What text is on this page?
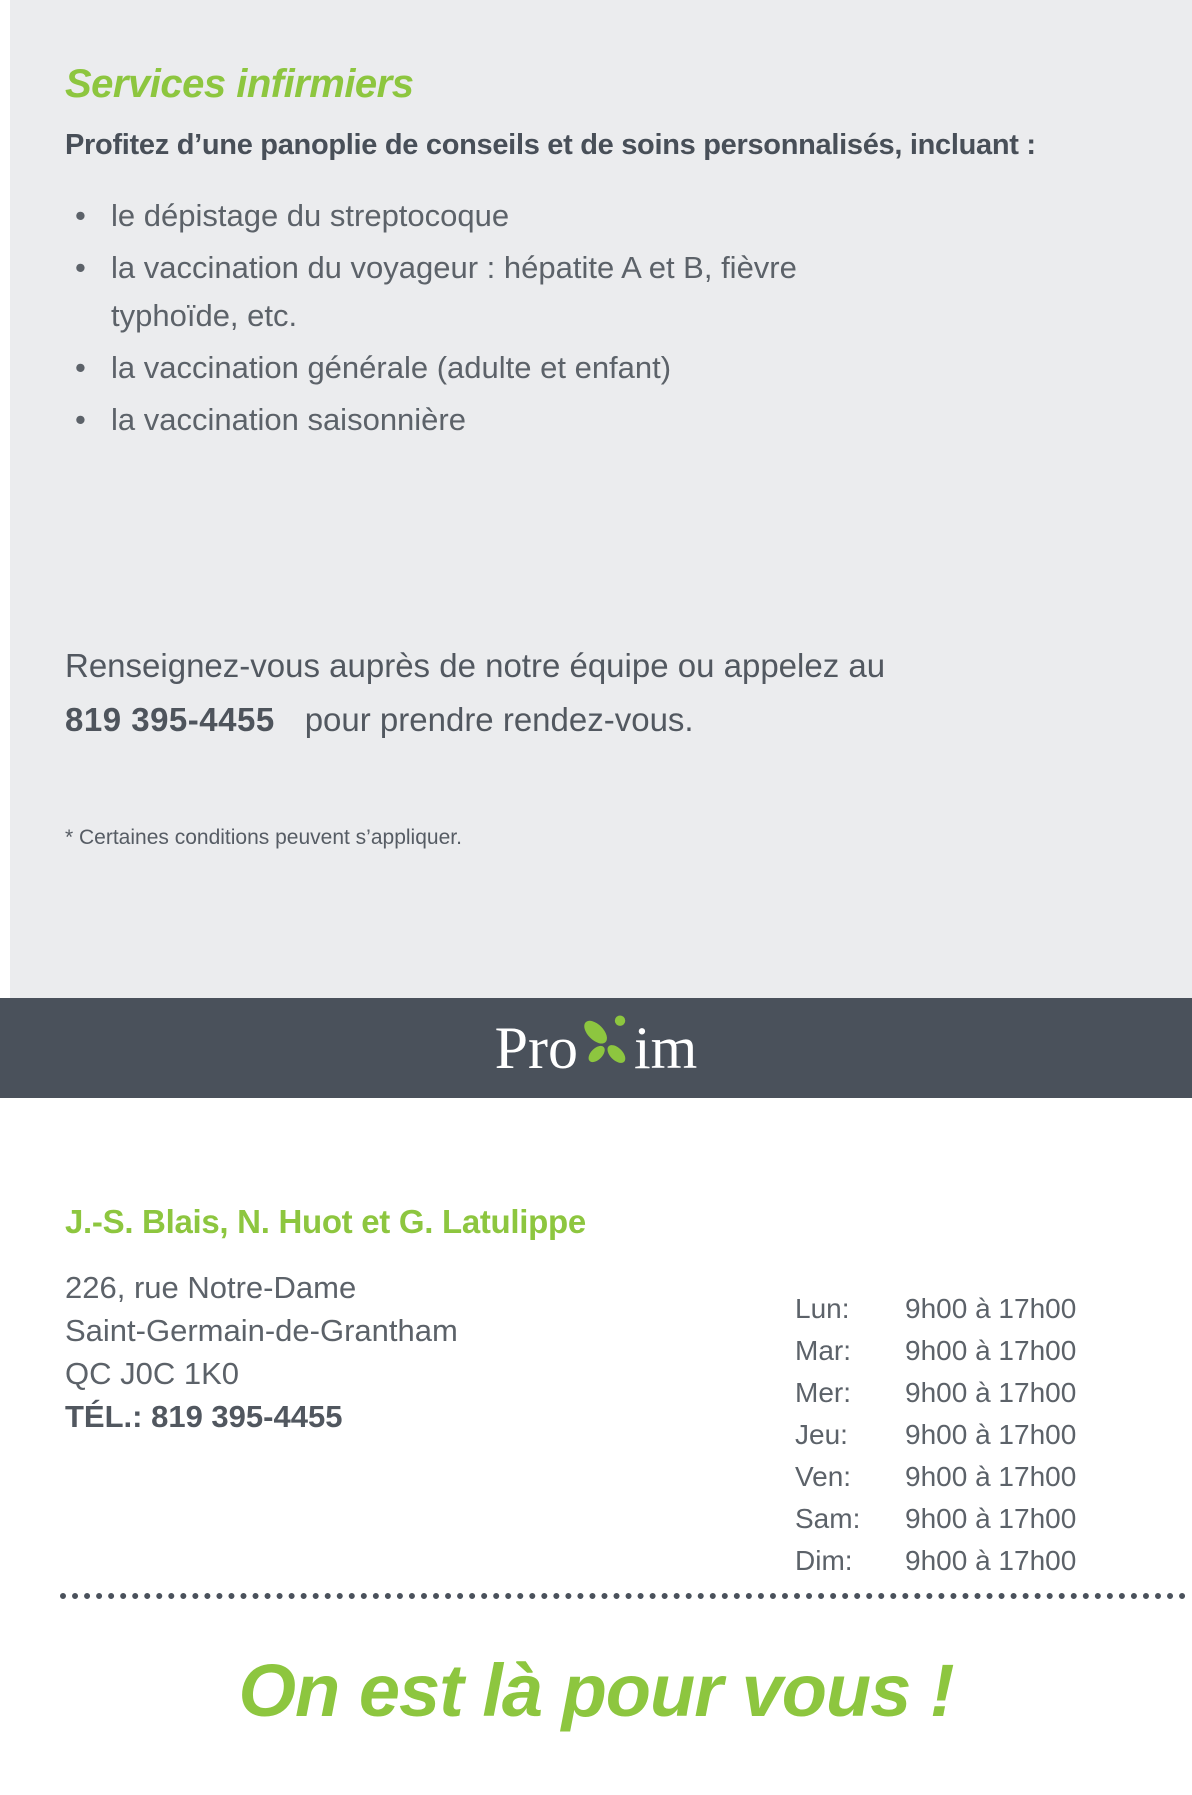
Services infirmiers
Profitez d’une panoplie de conseils et de soins personnalisés, incluant :
• le dépistage du streptocoque
• la vaccination du voyageur : hépatite A et B, fièvre typhoïde, etc.
• la vaccination générale (adulte et enfant)
• la vaccination saisonnière
Renseignez-vous auprès de notre équipe ou appelez au
819 395-4455 pour prendre rendez-vous.
* Certaines conditions peuvent s’appliquer.
Pro im
J.-S. Blais, N. Huot et G. Latulippe
226, rue Notre-Dame
Saint-Germain-de-Grantham
QC J0C 1K0
TÉL.: 819 395-4455
Lun:	9h00 à 17h00
Mar:	9h00 à 17h00
Mer:	9h00 à 17h00
Jeu:	9h00 à 17h00
Ven:	9h00 à 17h00
Sam:	9h00 à 17h00
Dim:	9h00 à 17h00
On est là pour vous !
